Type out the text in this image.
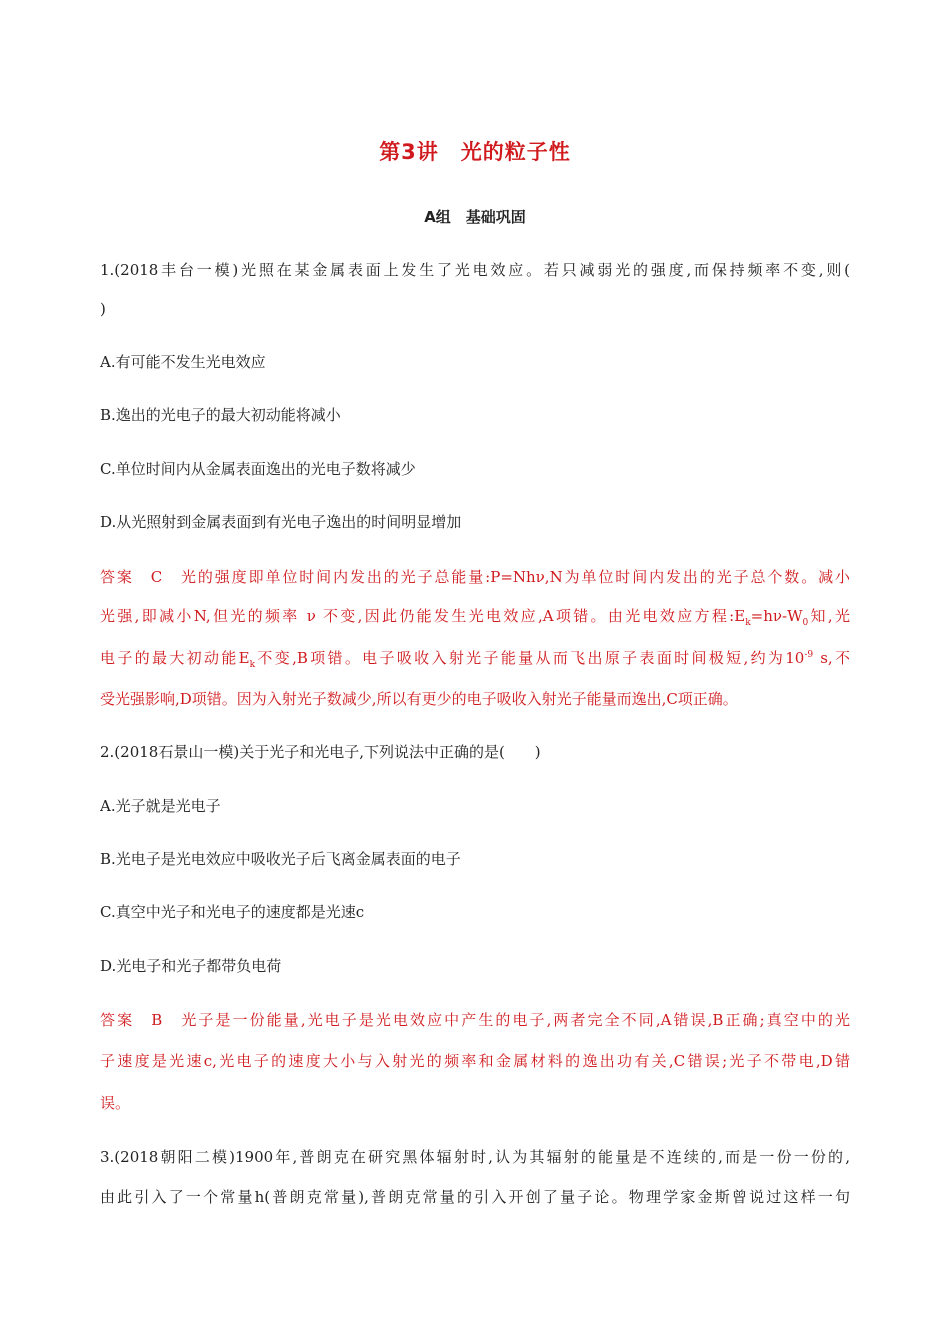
第3讲　光的粒子性
A组　基础巩固
1.(2018丰台一模)光照在某金属表面上发生了光电效应。若只减弱光的强度,而保持频率不变,则(
)
A.有可能不发生光电效应
B.逸出的光电子的最大初动能将减小
C.单位时间内从金属表面逸出的光电子数将减少
D.从光照射到金属表面到有光电子逸出的时间明显增加
答案　C　光的强度即单位时间内发出的光子总能量:P=Nhν,N为单位时间内发出的光子总个数。减小
光强,即减小N,但光的频率 ν 不变,因此仍能发生光电效应,A项错。由光电效应方程$:E_k=h\nu-W_0$知,光
电子的最大初动能$E_k$不变,B项错。电子吸收入射光子能量从而飞出原子表面时间极短,约为$10^{-9}$ s,不
受光强影响,D项错。因为入射光子数减少,所以有更少的电子吸收入射光子能量而逸出,C项正确。
2.(2018石景山一模)关于光子和光电子,下列说法中正确的是(　　)
A.光子就是光电子
B.光电子是光电效应中吸收光子后飞离金属表面的电子
C.真空中光子和光电子的速度都是光速c
D.光电子和光子都带负电荷
答案　B　光子是一份能量,光电子是光电效应中产生的电子,两者完全不同,A错误,B正确;真空中的光
子速度是光速c,光电子的速度大小与入射光的频率和金属材料的逸出功有关,C错误;光子不带电,D错
误。
3.(2018朝阳二模)1900年,普朗克在研究黑体辐射时,认为其辐射的能量是不连续的,而是一份一份的,
由此引入了一个常量h(普朗克常量),普朗克常量的引入开创了量子论。物理学家金斯曾说过这样一句
